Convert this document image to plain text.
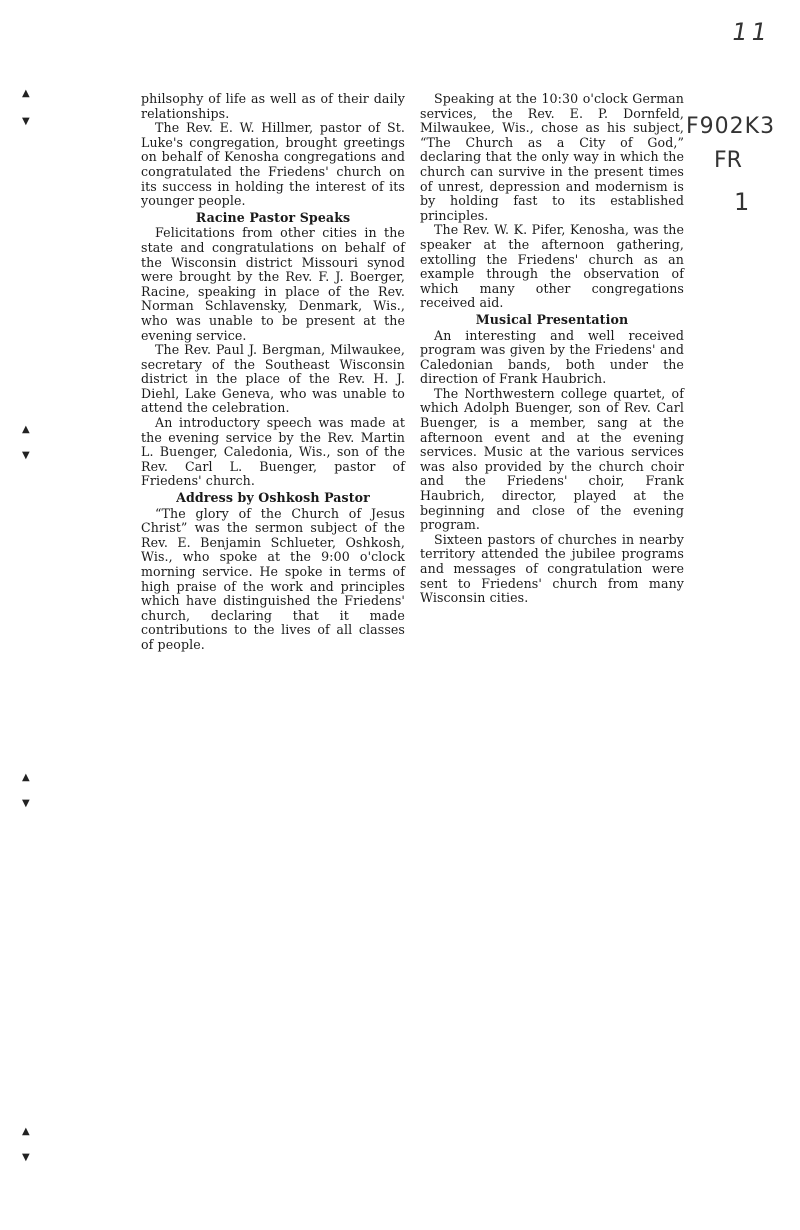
11
F902K3
FR
1
▲
▼
▲
▼
▲
▼
▲
▼

philsophy of life as well as of their daily relationships.

The Rev. E. W. Hillmer, pastor of St. Luke's congregation, brought greetings on behalf of Kenosha congregations and congratulated the Friedens' church on its success in holding the interest of its younger people.

Racine Pastor Speaks

Felicitations from other cities in the state and congratulations on behalf of the Wisconsin district Missouri synod were brought by the Rev. F. J. Boerger, Racine, speaking in place of the Rev. Norman Schlavensky, Denmark, Wis., who was unable to be present at the evening service.

The Rev. Paul J. Bergman, Milwaukee, secretary of the Southeast Wisconsin district in the place of the Rev. H. J. Diehl, Lake Geneva, who was unable to attend the celebration.

An introductory speech was made at the evening service by the Rev. Martin L. Buenger, Caledonia, Wis., son of the Rev. Carl L. Buenger, pastor of Friedens' church.

Address by Oshkosh Pastor

“The glory of the Church of Jesus Christ” was the sermon subject of the Rev. E. Benjamin Schlueter, Oshkosh, Wis., who spoke at the 9:00 o'clock morning service. He spoke in terms of high praise of the work and principles which have distinguished the Friedens' church, declaring that it made contributions to the lives of all classes of people.

Speaking at the 10:30 o'clock German services, the Rev. E. P. Dornfeld, Milwaukee, Wis., chose as his subject, “The Church as a City of God,” declaring that the only way in which the church can survive in the present times of unrest, depression and modernism is by holding fast to its established principles.

The Rev. W. K. Pifer, Kenosha, was the speaker at the afternoon gathering, extolling the Friedens' church as an example through the observation of which many other congregations received aid.

Musical Presentation

An interesting and well received program was given by the Friedens' and Caledonian bands, both under the direction of Frank Haubrich.

The Northwestern college quartet, of which Adolph Buenger, son of Rev. Carl Buenger, is a member, sang at the afternoon event and at the evening services. Music at the various services was also provided by the church choir and the Friedens' choir, Frank Haubrich, director, played at the beginning and close of the evening program.

Sixteen pastors of churches in nearby territory attended the jubilee programs and messages of congratulation were sent to Friedens' church from many Wisconsin cities.
